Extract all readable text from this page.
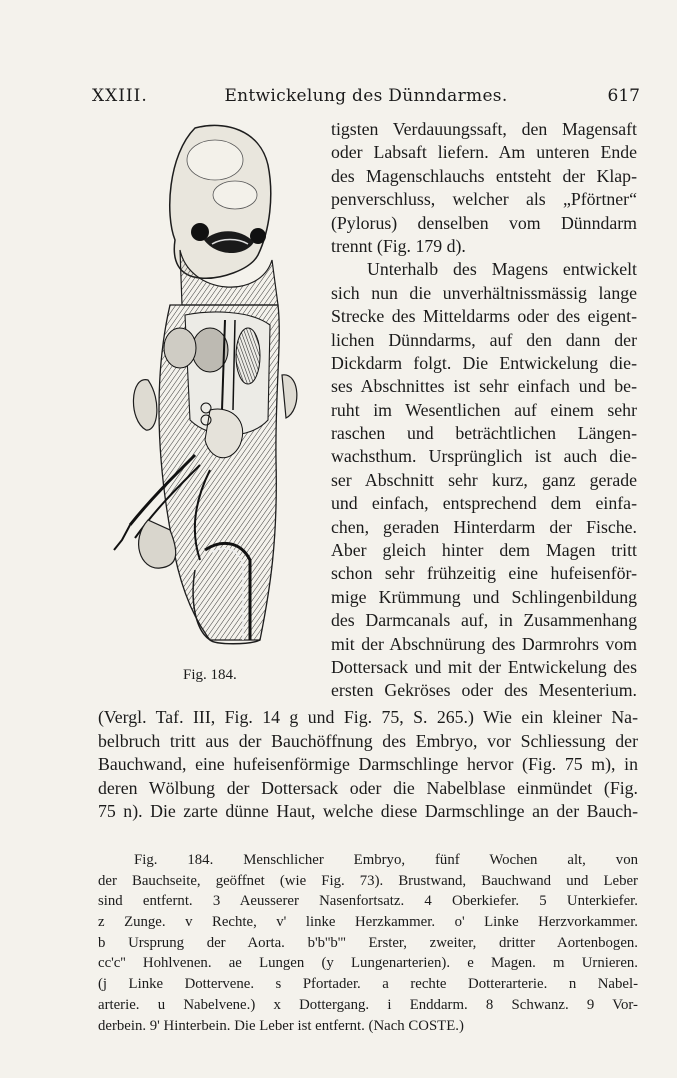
XXIII.	Entwickelung des Dünndarmes.	617
Fig. 184.
tigsten Verdauungssaft, den Magensaft
oder Labsaft liefern. Am unteren Ende
des Magenschlauchs entsteht der Klap-
penverschluss, welcher als „Pförtner“
(Pylorus) denselben vom Dünndarm
trennt (Fig. 179 d).
Unterhalb des Magens entwickelt
sich nun die unverhältnissmässig lange
Strecke des Mitteldarms oder des eigent-
lichen Dünndarms, auf den dann der
Dickdarm folgt. Die Entwickelung die-
ses Abschnittes ist sehr einfach und be-
ruht im Wesentlichen auf einem sehr
raschen und beträchtlichen Längen-
wachsthum. Ursprünglich ist auch die-
ser Abschnitt sehr kurz, ganz gerade
und einfach, entsprechend dem einfa-
chen, geraden Hinterdarm der Fische.
Aber gleich hinter dem Magen tritt
schon sehr frühzeitig eine hufeisenför-
mige Krümmung und Schlingenbildung
des Darmcanals auf, in Zusammenhang
mit der Abschnürung des Darmrohrs vom
Dottersack und mit der Entwickelung des
ersten Gekröses oder des Mesenterium.
(Vergl. Taf. III, Fig. 14 g und Fig. 75, S. 265.) Wie ein kleiner Na-
belbruch tritt aus der Bauchöffnung des Embryo, vor Schliessung der
Bauchwand, eine hufeisenförmige Darmschlinge hervor (Fig. 75 m), in
deren Wölbung der Dottersack oder die Nabelblase einmündet (Fig.
75 n). Die zarte dünne Haut, welche diese Darmschlinge an der Bauch-
Fig. 184. Menschlicher Embryo, fünf Wochen alt, von
der Bauchseite, geöffnet (wie Fig. 73). Brustwand, Bauchwand und Leber
sind entfernt. 3 Aeusserer Nasenfortsatz. 4 Oberkiefer. 5 Unterkiefer.
z Zunge. v Rechte, v' linke Herzkammer. o' Linke Herzvorkammer.
b Ursprung der Aorta. b'b''b''' Erster, zweiter, dritter Aortenbogen.
cc'c'' Hohlvenen. ae Lungen (y Lungenarterien). e Magen. m Urnieren.
(j Linke Dottervene. s Pfortader. a rechte Dotterarterie. n Nabel-
arterie. u Nabelvene.) x Dottergang. i Enddarm. 8 Schwanz. 9 Vor-
derbein. 9' Hinterbein. Die Leber ist entfernt. (Nach COSTE.)
